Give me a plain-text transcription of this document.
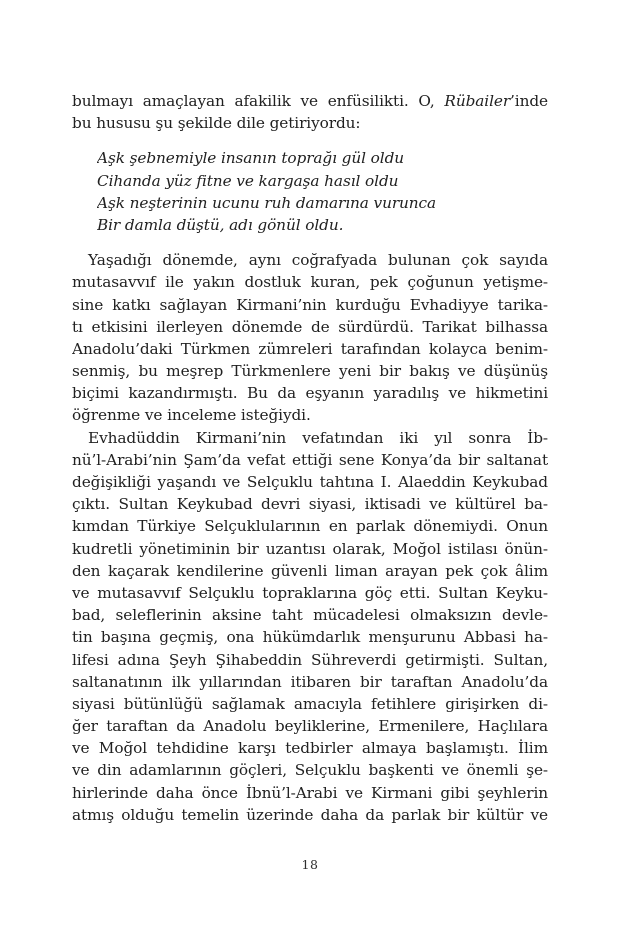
bulmayı amaçlayan afakilik ve enfüsilikti. O, Rübailer’inde
bu hususu şu şekilde dile getiriyordu:
Aşk şebnemiyle insanın toprağı gül oldu
Cihanda yüz fitne ve kargaşa hasıl oldu
Aşk neşterinin ucunu ruh damarına vurunca
Bir damla düştü, adı gönül oldu.
Yaşadığı dönemde, aynı coğrafyada bulunan çok sayıda
mutasavvıf ile yakın dostluk kuran, pek çoğunun yetişme-
sine katkı sağlayan Kirmani’nin kurduğu Evhadiyye tarika-
tı etkisini ilerleyen dönemde de sürdürdü. Tarikat bilhassa
Anadolu’daki Türkmen zümreleri tarafından kolayca benim-
senmiş, bu meşrep Türkmenlere yeni bir bakış ve düşünüş
biçimi kazandırmıştı. Bu da eşyanın yaradılış ve hikmetini
öğrenme ve inceleme isteğiydi.
Evhadüddin Kirmani’nin vefatından iki yıl sonra İb-
nü’l-Arabi’nin Şam’da vefat ettiği sene Konya’da bir saltanat
değişikliği yaşandı ve Selçuklu tahtına I. Alaeddin Keykubad
çıktı. Sultan Keykubad devri siyasi, iktisadi ve kültürel ba-
kımdan Türkiye Selçuklularının en parlak dönemiydi. Onun
kudretli yönetiminin bir uzantısı olarak, Moğol istilası önün-
den kaçarak kendilerine güvenli liman arayan pek çok âlim
ve mutasavvıf Selçuklu topraklarına göç etti. Sultan Keyku-
bad, seleflerinin aksine taht mücadelesi olmaksızın devle-
tin başına geçmiş, ona hükümdarlık menşurunu Abbasi ha-
lifesi adına Şeyh Şihabeddin Sühreverdi getirmişti. Sultan,
saltanatının ilk yıllarından itibaren bir taraftan Anadolu’da
siyasi bütünlüğü sağlamak amacıyla fetihlere girişirken di-
ğer taraftan da Anadolu beyliklerine, Ermenilere, Haçlılara
ve Moğol tehdidine karşı tedbirler almaya başlamıştı. İlim
ve din adamlarının göçleri, Selçuklu başkenti ve önemli şe-
hirlerinde daha önce İbnü’l-Arabi ve Kirmani gibi şeyhlerin
atmış olduğu temelin üzerinde daha da parlak bir kültür ve
18
